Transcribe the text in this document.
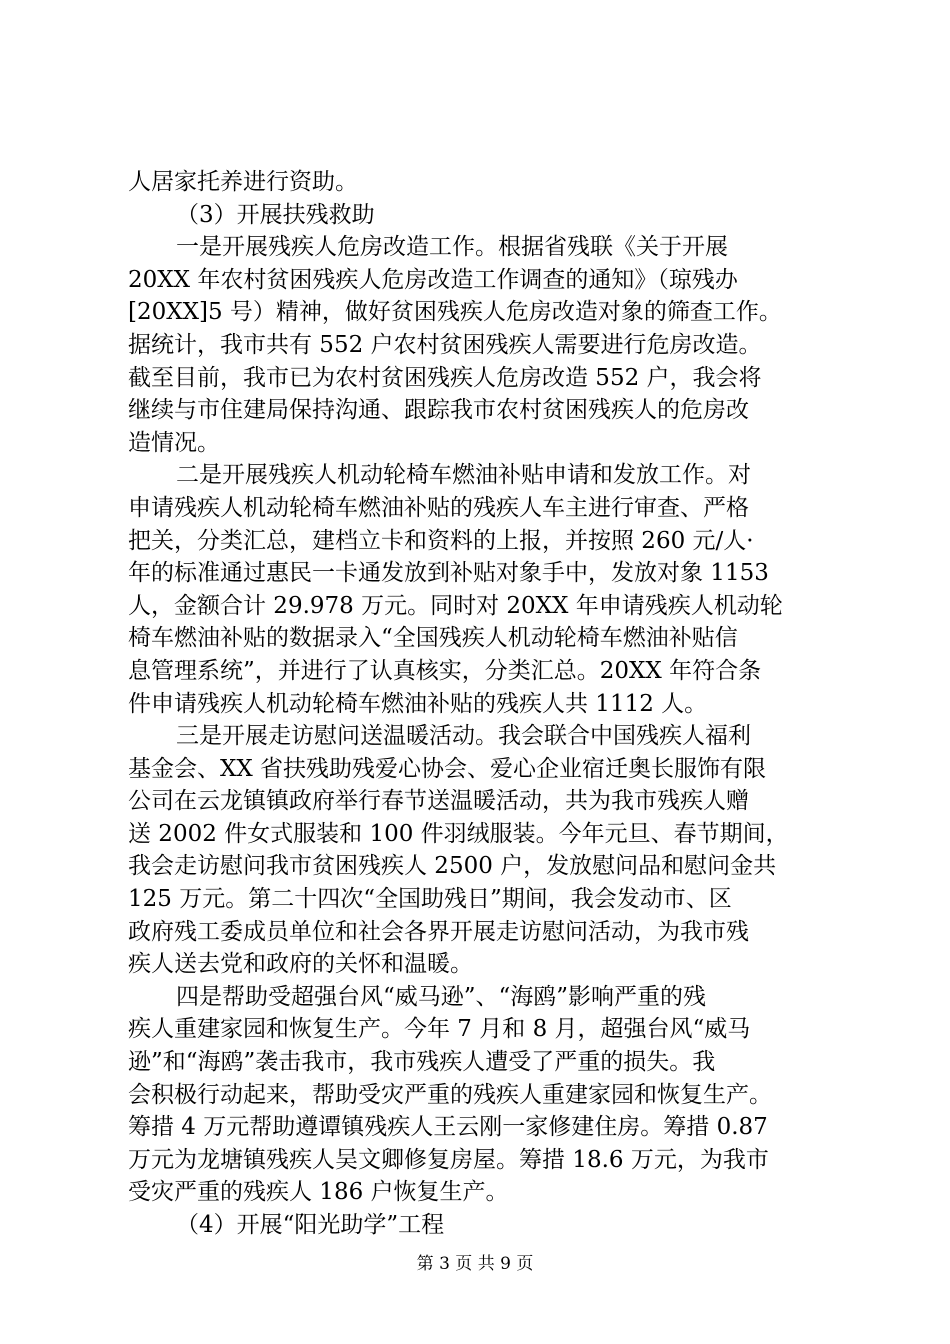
人居家托养进行资助。
（3）开展扶残救助
一是开展残疾人危房改造工作。根据省残联《关于开展
20XX 年农村贫困残疾人危房改造工作调查的通知》（琼残办
[20XX]5 号）精神，做好贫困残疾人危房改造对象的筛查工作。
据统计，我市共有 552 户农村贫困残疾人需要进行危房改造。
截至目前，我市已为农村贫困残疾人危房改造 552 户，我会将
继续与市住建局保持沟通、跟踪我市农村贫困残疾人的危房改
造情况。
二是开展残疾人机动轮椅车燃油补贴申请和发放工作。对
申请残疾人机动轮椅车燃油补贴的残疾人车主进行审查、严格
把关，分类汇总，建档立卡和资料的上报，并按照 260 元/人·
年的标准通过惠民一卡通发放到补贴对象手中，发放对象 1153
人，金额合计 29.978 万元。同时对 20XX 年申请残疾人机动轮
椅车燃油补贴的数据录入“全国残疾人机动轮椅车燃油补贴信
息管理系统”，并进行了认真核实，分类汇总。20XX 年符合条
件申请残疾人机动轮椅车燃油补贴的残疾人共 1112 人。
三是开展走访慰问送温暖活动。我会联合中国残疾人福利
基金会、XX 省扶残助残爱心协会、爱心企业宿迁奥长服饰有限
公司在云龙镇镇政府举行春节送温暖活动，共为我市残疾人赠
送 2002 件女式服装和 100 件羽绒服装。今年元旦、春节期间，
我会走访慰问我市贫困残疾人 2500 户，发放慰问品和慰问金共
125 万元。第二十四次“全国助残日”期间，我会发动市、区
政府残工委成员单位和社会各界开展走访慰问活动，为我市残
疾人送去党和政府的关怀和温暖。
四是帮助受超强台风“威马逊”、“海鸥”影响严重的残
疾人重建家园和恢复生产。今年 7 月和 8 月，超强台风“威马
逊”和“海鸥”袭击我市，我市残疾人遭受了严重的损失。我
会积极行动起来，帮助受灾严重的残疾人重建家园和恢复生产。
筹措 4 万元帮助遵谭镇残疾人王云刚一家修建住房。筹措 0.87
万元为龙塘镇残疾人吴文卿修复房屋。筹措 18.6 万元，为我市
受灾严重的残疾人 186 户恢复生产。
（4）开展“阳光助学”工程
第 3 页 共 9 页
